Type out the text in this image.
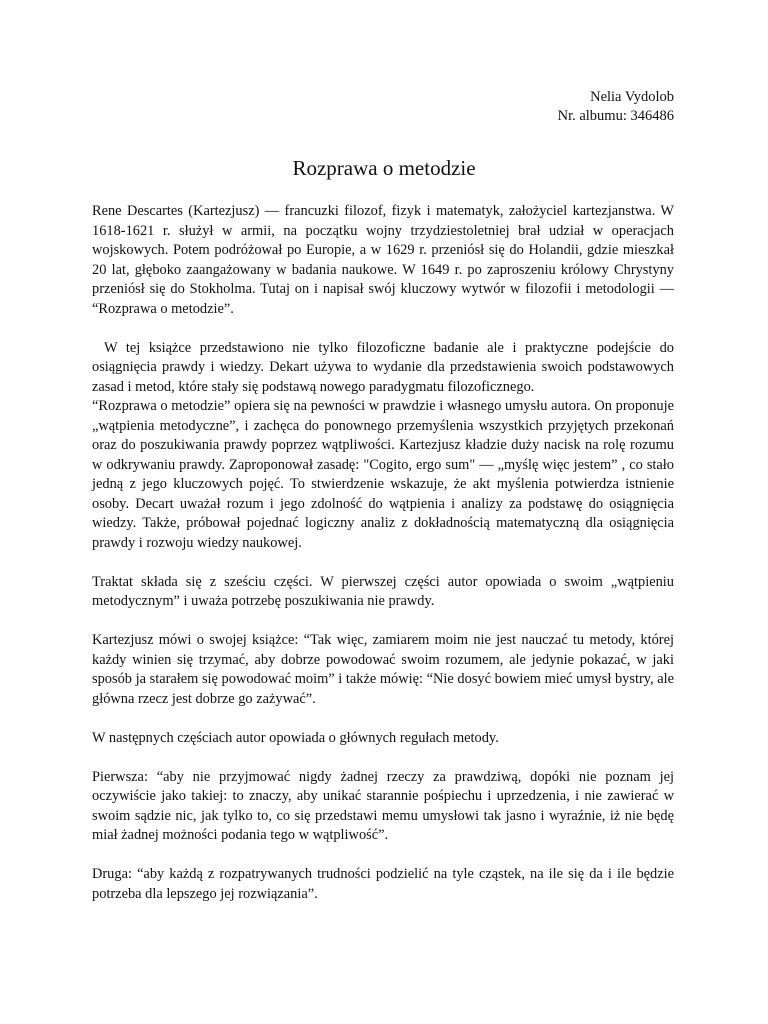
Nelia Vydolob
Nr. albumu: 346486
Rozprawa o metodzie

Rene Descartes (Kartezjusz) — francuzki filozof, fizyk i matematyk, założyciel kartezjanstwa. W 1618-1621 r. służył w armii, na początku wojny trzydziestoletniej brał udział w operacjach wojskowych. Potem podróżował po Europie, a w 1629 r. przeniósł się do Holandii, gdzie mieszkał 20 lat, głęboko zaangażowany w badania naukowe. W 1649 r. po zaproszeniu królowy Chrystyny przeniósł się do Stokholma. Tutaj on i napisał swój kluczowy wytwór w filozofii i metodologii — “Rozprawa o metodzie”.

W tej książce przedstawiono nie tylko filozoficzne badanie ale i praktyczne podejście do osiągnięcia prawdy i wiedzy. Dekart używa to wydanie dla przedstawienia swoich podstawowych zasad i metod, które stały się podstawą nowego paradygmatu filozoficznego.

“Rozprawa o metodzie” opiera się na pewności w prawdzie i własnego umysłu autora. On proponuje „wątpienia metodyczne”, i zachęca do ponownego przemyślenia wszystkich przyjętych przekonań oraz do poszukiwania prawdy poprzez wątpliwości. Kartezjusz kładzie duży nacisk na rolę rozumu w odkrywaniu prawdy. Zaproponował zasadę: "Cogito, ergo sum" — „myślę więc jestem” , co stało jedną z jego kluczowych pojęć. To stwierdzenie wskazuje, że akt myślenia potwierdza istnienie osoby. Decart uważał rozum i jego zdolność do wątpienia i analizy za podstawę do osiągnięcia wiedzy. Także, próbował pojednać logiczny analiz z dokładnością matematyczną dla osiągnięcia prawdy i rozwoju wiedzy naukowej.

Traktat składa się z sześciu części. W pierwszej części autor opowiada o swoim „wątpieniu metodycznym” i uważa potrzebę poszukiwania nie prawdy.

Kartezjusz mówi o swojej książce: “Tak więc, zamiarem moim nie jest nauczać tu metody, której każdy winien się trzymać, aby dobrze powodować swoim rozumem, ale jedynie pokazać, w jaki sposób ja starałem się powodować moim” i także mówię: “Nie dosyć bowiem mieć umysł bystry, ale główna rzecz jest dobrze go zażywać”.

W następnych częściach autor opowiada o głównych regułach metody.

Pierwsza: “aby nie przyjmować nigdy żadnej rzeczy za prawdziwą, dopóki nie poznam jej oczywiście jako takiej: to znaczy, aby unikać starannie pośpiechu i uprzedzenia, i nie zawierać w swoim sądzie nic, jak tylko to, co się przedstawi memu umysłowi tak jasno i wyraźnie, iż nie będę miał żadnej możności podania tego w wątpliwość”.

Druga: “aby każdą z rozpatrywanych trudności podzielić na tyle cząstek, na ile się da i ile będzie potrzeba dla lepszego jej rozwiązania”.
